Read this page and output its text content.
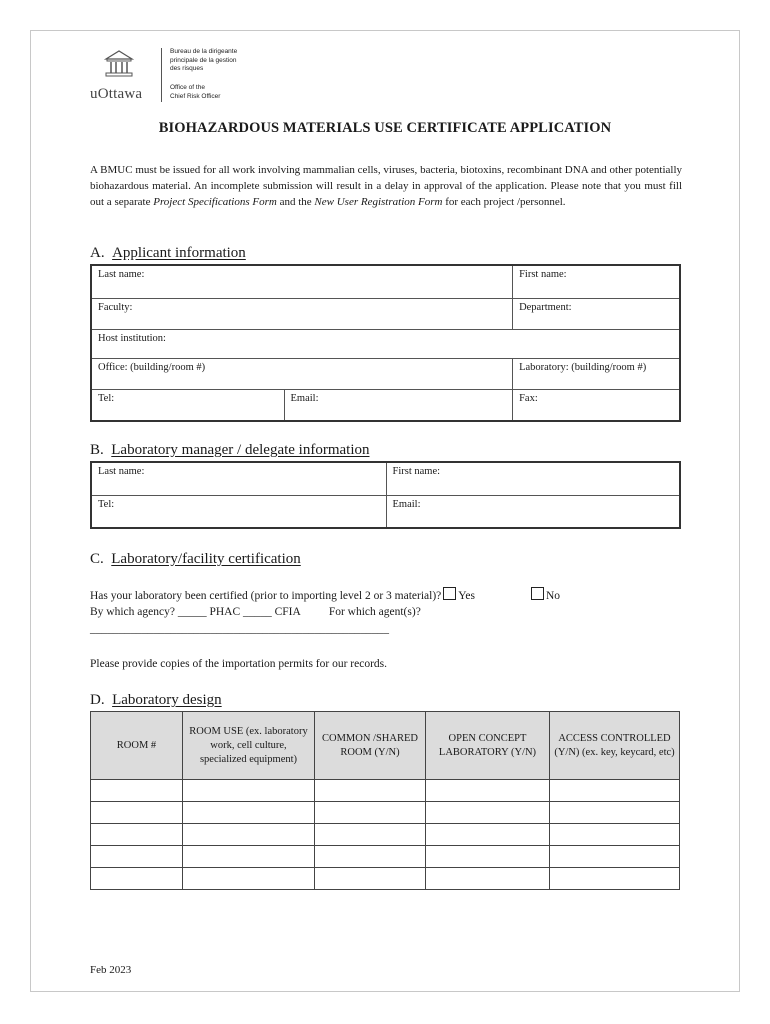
uOttawa
Bureau de la dirigeante
principale de la gestion
des risques
Office of the
Chief Risk Officer
BIOHAZARDOUS MATERIALS USE CERTIFICATE APPLICATION
A BMUC must be issued for all work involving mammalian cells, viruses, bacteria, biotoxins, recombinant DNA and other potentially biohazardous material. An incomplete submission will result in a delay in approval of the application. Please note that you must fill out a separate Project Specifications Form and the New User Registration Form for each project /personnel.
A. Applicant information
Last name:		First name:
Faculty:		Department:
Host institution:		
Office: (building/room #)		Laboratory: (building/room #)
Tel:	Email:	Fax:
B. Laboratory manager / delegate information
Last name:	First name:
Tel:	Email:
C. Laboratory/facility certification
Has your laboratory been certified (prior to importing level 2 or 3 material)? Yes	No
By which agency? _____ PHAC _____ CFIA For which agent(s)?
____________________________________________________
Please provide copies of the importation permits for our records.
D. Laboratory design
ROOM #	ROOM USE (ex. laboratory work, cell culture, specialized equipment)	COMMON /SHARED ROOM (Y/N)	OPEN CONCEPT LABORATORY (Y/N)	ACCESS CONTROLLED (Y/N) (ex. key, keycard, etc)

Feb 2023
